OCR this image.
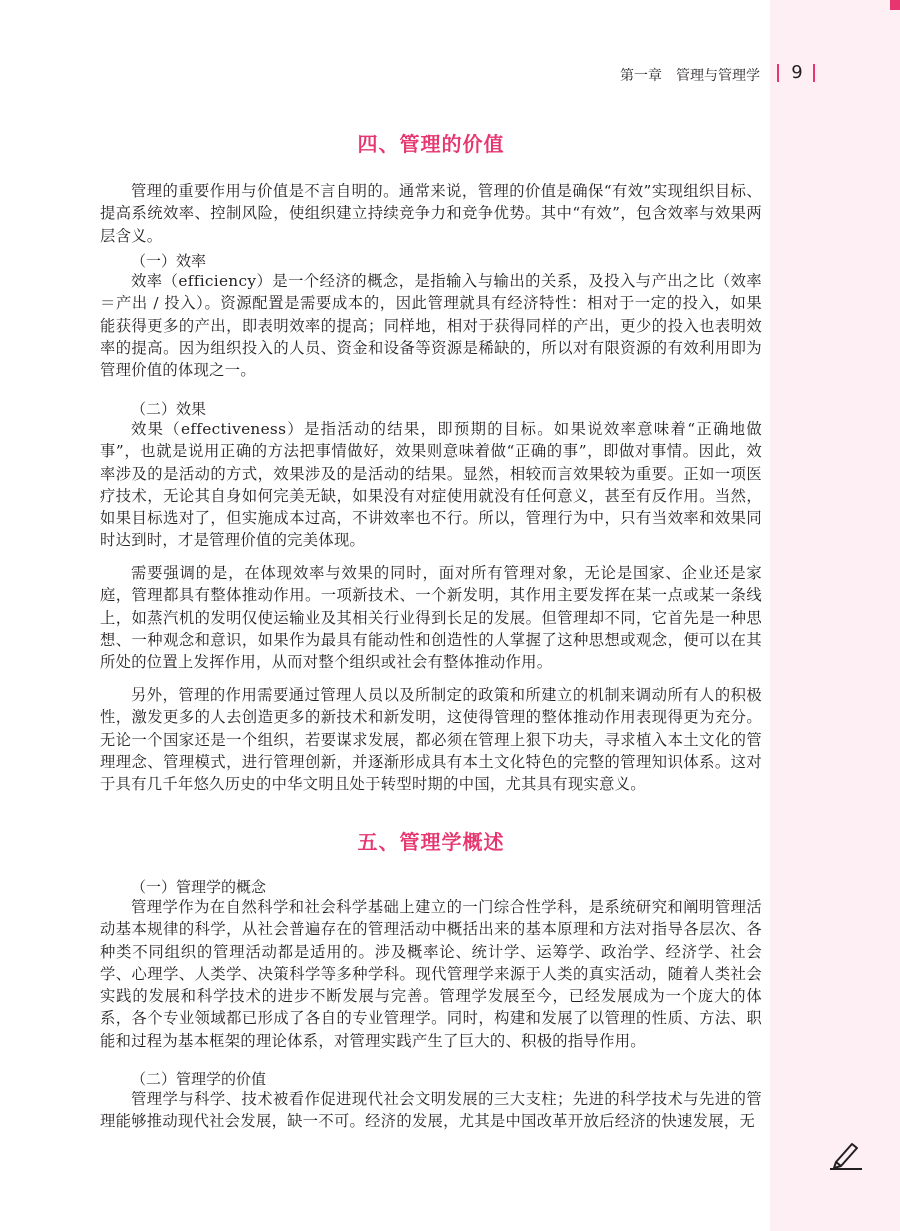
第一章　管理与管理学	9
四、管理的价值
管理的重要作用与价值是不言自明的。通常来说，管理的价值是确保“有效”实现组织目标、提高系统效率、控制风险，使组织建立持续竞争力和竞争优势。其中“有效”，包含效率与效果两层含义。
（一）效率
效率（efficiency）是一个经济的概念，是指输入与输出的关系，及投入与产出之比（效率＝产出 / 投入）。资源配置是需要成本的，因此管理就具有经济特性：相对于一定的投入，如果能获得更多的产出，即表明效率的提高；同样地，相对于获得同样的产出，更少的投入也表明效率的提高。因为组织投入的人员、资金和设备等资源是稀缺的，所以对有限资源的有效利用即为管理价值的体现之一。
（二）效果
效果（effectiveness）是指活动的结果，即预期的目标。如果说效率意味着“正确地做事”，也就是说用正确的方法把事情做好，效果则意味着做“正确的事”，即做对事情。因此，效率涉及的是活动的方式，效果涉及的是活动的结果。显然，相较而言效果较为重要。正如一项医疗技术，无论其自身如何完美无缺，如果没有对症使用就没有任何意义，甚至有反作用。当然，如果目标选对了，但实施成本过高，不讲效率也不行。所以，管理行为中，只有当效率和效果同时达到时，才是管理价值的完美体现。
需要强调的是，在体现效率与效果的同时，面对所有管理对象，无论是国家、企业还是家庭，管理都具有整体推动作用。一项新技术、一个新发明，其作用主要发挥在某一点或某一条线上，如蒸汽机的发明仅使运输业及其相关行业得到长足的发展。但管理却不同，它首先是一种思想、一种观念和意识，如果作为最具有能动性和创造性的人掌握了这种思想或观念，便可以在其所处的位置上发挥作用，从而对整个组织或社会有整体推动作用。
另外，管理的作用需要通过管理人员以及所制定的政策和所建立的机制来调动所有人的积极性，激发更多的人去创造更多的新技术和新发明，这使得管理的整体推动作用表现得更为充分。无论一个国家还是一个组织，若要谋求发展，都必须在管理上狠下功夫，寻求植入本土文化的管理理念、管理模式，进行管理创新，并逐渐形成具有本土文化特色的完整的管理知识体系。这对于具有几千年悠久历史的中华文明且处于转型时期的中国，尤其具有现实意义。
五、管理学概述
（一）管理学的概念
管理学作为在自然科学和社会科学基础上建立的一门综合性学科，是系统研究和阐明管理活动基本规律的科学，从社会普遍存在的管理活动中概括出来的基本原理和方法对指导各层次、各种类不同组织的管理活动都是适用的。涉及概率论、统计学、运筹学、政治学、经济学、社会学、心理学、人类学、决策科学等多种学科。现代管理学来源于人类的真实活动，随着人类社会实践的发展和科学技术的进步不断发展与完善。管理学发展至今，已经发展成为一个庞大的体系，各个专业领域都已形成了各自的专业管理学。同时，构建和发展了以管理的性质、方法、职能和过程为基本框架的理论体系，对管理实践产生了巨大的、积极的指导作用。
（二）管理学的价值
管理学与科学、技术被看作促进现代社会文明发展的三大支柱；先进的科学技术与先进的管理能够推动现代社会发展，缺一不可。经济的发展，尤其是中国改革开放后经济的快速发展，无
